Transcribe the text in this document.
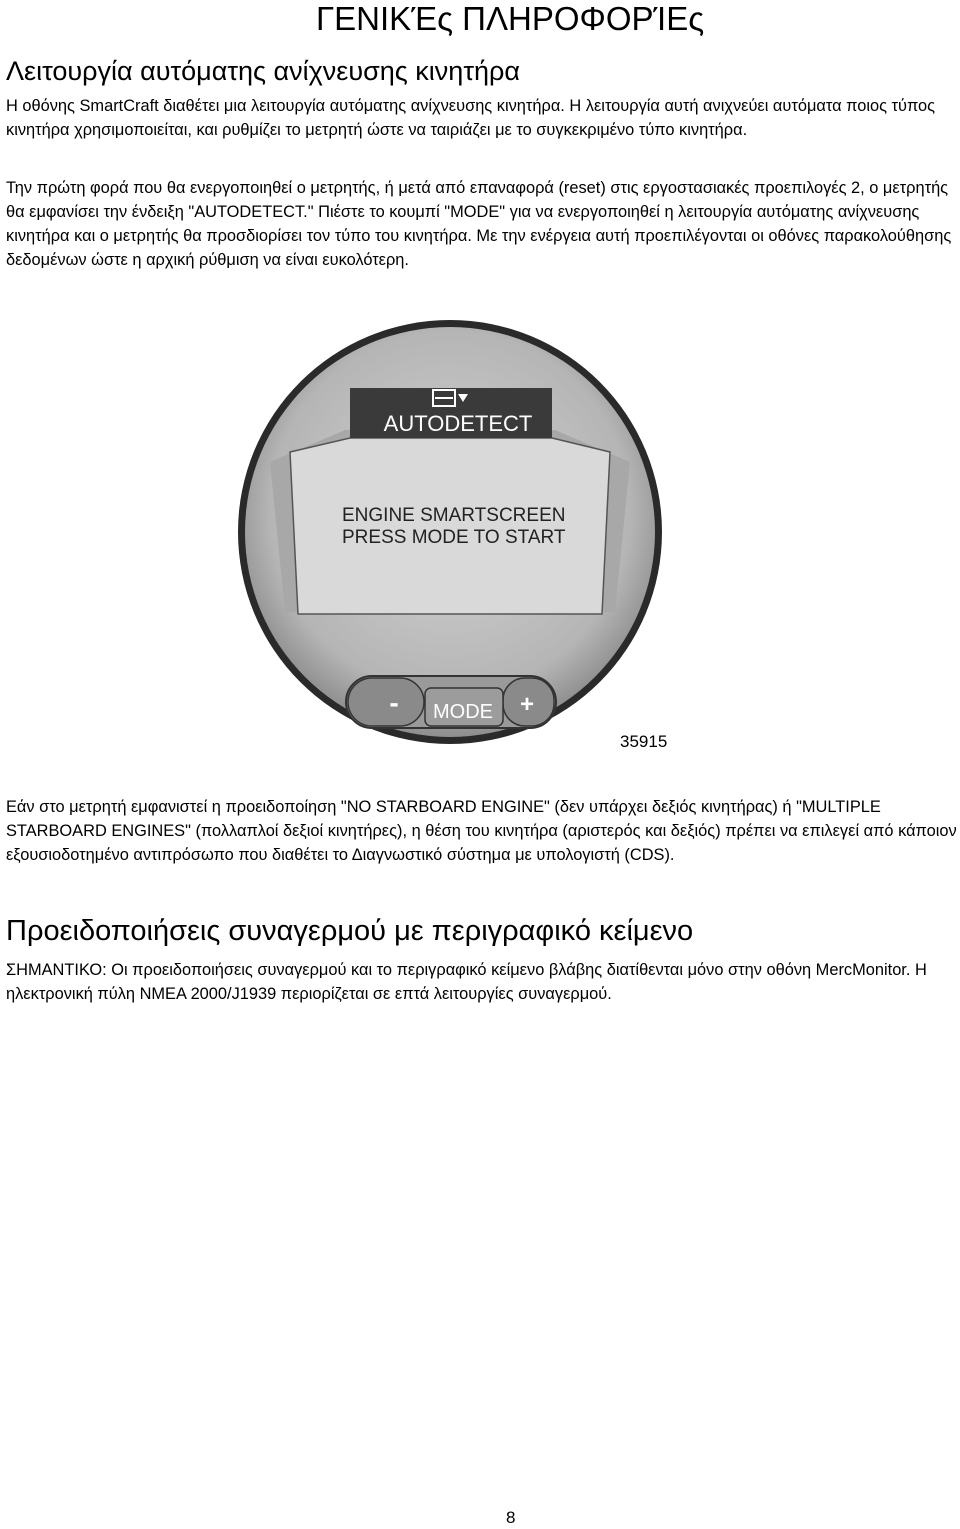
ΓΕΝΙΚΈς ΠΛΗΡΟΦΟΡΊΕς
Λειτουργία αυτόματης ανίχνευσης κινητήρα

Η οθόνης SmartCraft διαθέτει μια λειτουργία αυτόματης ανίχνευσης κινητήρα. Η λειτουργία αυτή ανιχνεύει αυτόματα ποιος τύπος κινητήρα χρησιμοποιείται, και ρυθμίζει το μετρητή ώστε να ταιριάζει με το συγκεκριμένο τύπο κινητήρα.

Την πρώτη φορά που θα ενεργοποιηθεί ο μετρητής, ή μετά από επαναφορά (reset) στις εργοστασιακές προεπιλογές 2, ο μετρητής θα εμφανίσει την ένδειξη "AUTODETECT." Πιέστε το κουμπί "MODE" για να ενεργοποιηθεί η λειτουργία αυτόματης ανίχνευσης κινητήρα και ο μετρητής θα προσδιορίσει τον τύπο του κινητήρα. Με την ενέργεια αυτή προεπιλέγονται οι οθόνες παρακολούθησης δεδομένων ώστε η αρχική ρύθμιση να είναι ευκολότερη.

AUTODETECT
ENGINE SMARTSCREEN
PRESS MODE TO START
- MODE +
35915

Εάν στο μετρητή εμφανιστεί η προειδοποίηση "NO STARBOARD ENGINE" (δεν υπάρχει δεξιός κινητήρας) ή "MULTIPLE STARBOARD ENGINES" (πολλαπλοί δεξιοί κινητήρες), η θέση του κινητήρα (αριστερός και δεξιός) πρέπει να επιλεγεί από κάποιον εξουσιοδοτημένο αντιπρόσωπο που διαθέτει το Διαγνωστικό σύστημα με υπολογιστή (CDS).

Προειδοποιήσεις συναγερμού με περιγραφικό κείμενο

ΣΗΜΑΝΤΙΚΟ: Οι προειδοποιήσεις συναγερμού και το περιγραφικό κείμενο βλάβης διατίθενται μόνο στην οθόνη MercMonitor. Η ηλεκτρονική πύλη NMEA 2000/J1939 περιορίζεται σε επτά λειτουργίες συναγερμού.

8
